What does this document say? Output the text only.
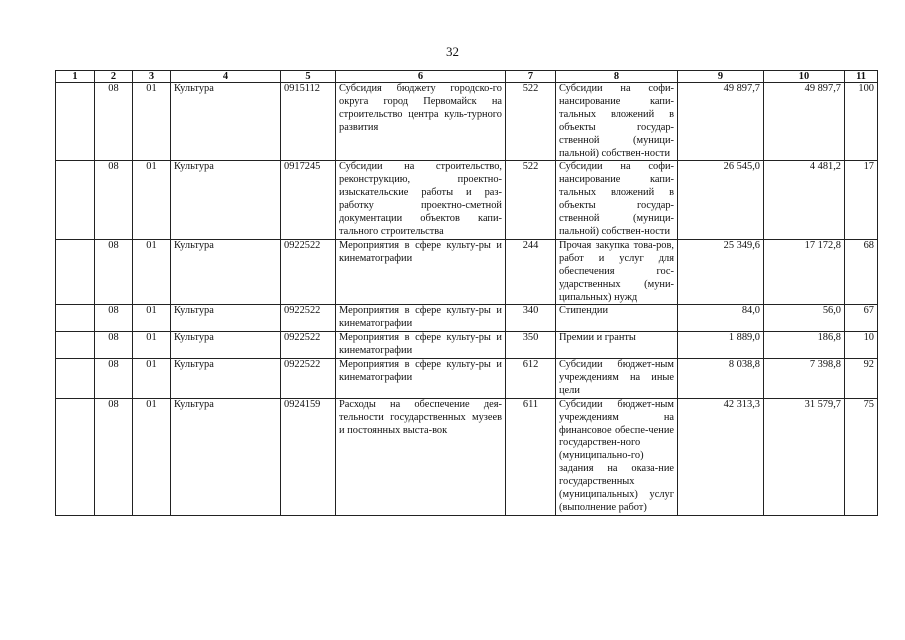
32
1	2	3	4	5	6	7	8	9	10	11
	08	01	Культура	0915112	Субсидия бюджету городско-го округа город Первомайск на строительство центра куль-турного развития	522	Субсидии на софи-нансирование капи-тальных вложений в объекты государ-ственной (муници-пальной) собствен-ности	49 897,7	49 897,7	100
	08	01	Культура	0917245	Субсидии на строительство, реконструкцию, проектно-изыскательские работы и раз-работку проектно-сметной документации объектов капи-тального строительства	522	Субсидии на софи-нансирование капи-тальных вложений в объекты государ-ственной (муници-пальной) собствен-ности	26 545,0	4 481,2	17
	08	01	Культура	0922522	Мероприятия в сфере культу-ры и кинематографии	244	Прочая закупка това-ров, работ и услуг для обеспечения гос-ударственных (муни-ципальных) нужд	25 349,6	17 172,8	68
	08	01	Культура	0922522	Мероприятия в сфере культу-ры и кинематографии	340	Стипендии	84,0	56,0	67
	08	01	Культура	0922522	Мероприятия в сфере культу-ры и кинематографии	350	Премии и гранты	1 889,0	186,8	10
	08	01	Культура	0922522	Мероприятия в сфере культу-ры и кинематографии	612	Субсидии бюджет-ным учреждениям на иные цели	8 038,8	7 398,8	92
	08	01	Культура	0924159	Расходы на обеспечение дея-тельности государственных музеев и постоянных выста-вок	611	Субсидии бюджет-ным учреждениям на финансовое обеспе-чение государствен-ного (муниципально-го) задания на оказа-ние государственных (муниципальных) услуг (выполнение работ)	42 313,3	31 579,7	75
